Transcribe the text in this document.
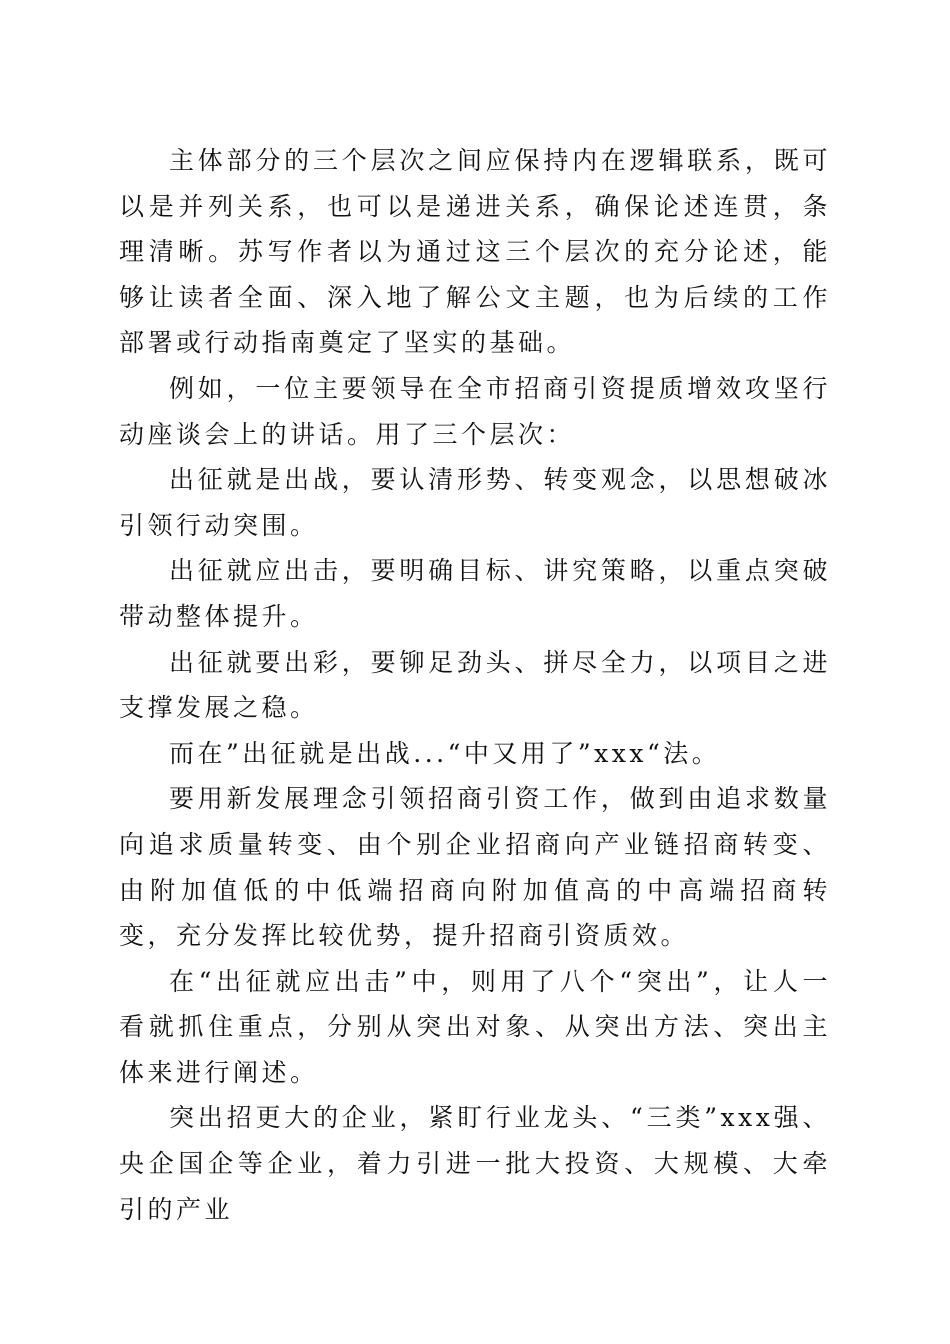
主体部分的三个层次之间应保持内在逻辑联系，既可以是并列关系，也可以是递进关系，确保论述连贯，条理清晰。苏写作者以为通过这三个层次的充分论述，能够让读者全面、深入地了解公文主题，也为后续的工作部署或行动指南奠定了坚实的基础。

例如，一位主要领导在全市招商引资提质增效攻坚行动座谈会上的讲话。用了三个层次：

出征就是出战，要认清形势、转变观念，以思想破冰引领行动突围。

出征就应出击，要明确目标、讲究策略，以重点突破带动整体提升。

出征就要出彩，要铆足劲头、拼尽全力，以项目之进支撑发展之稳。

而在”出征就是出战...“中又用了”xxx“法。

要用新发展理念引领招商引资工作，做到由追求数量向追求质量转变、由个别企业招商向产业链招商转变、由附加值低的中低端招商向附加值高的中高端招商转变，充分发挥比较优势，提升招商引资质效。

在“出征就应出击”中，则用了八个“突出”，让人一看就抓住重点，分别从突出对象、从突出方法、突出主体来进行阐述。

突出招更大的企业，紧盯行业龙头、“三类”xxx强、央企国企等企业，着力引进一批大投资、大规模、大牵引的产业
